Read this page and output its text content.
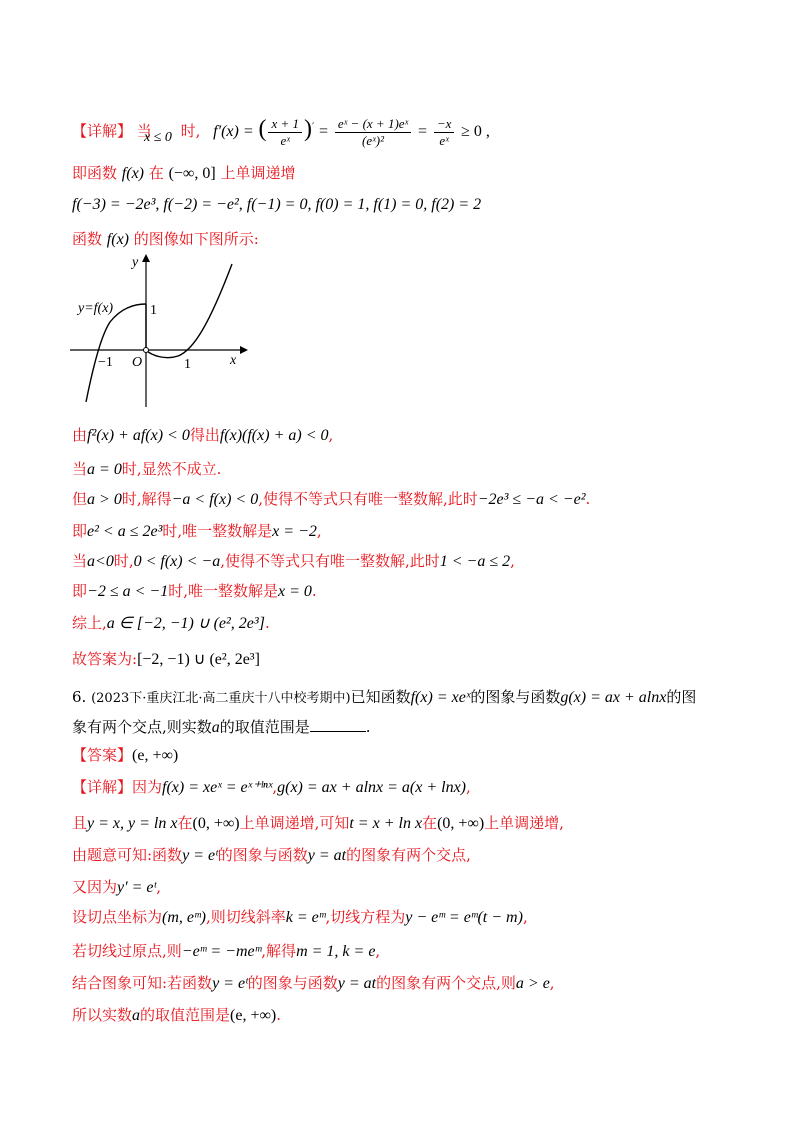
【详解】 当
x ≤ 0 时, f′(x) = ( $\frac{x + 1}{\text{eˣ}} )' = \frac{\text{eˣ − (x + 1)eˣ}}{\text{(eˣ)²}} = \frac{-x}{\text{eˣ}} \ge 0$ ,
即函数 f(x) 在 (−∞, 0] 上单调递增
f(−3) = −2e³, f(−2) = −e², f(−1) = 0, f(0) = 1, f(1) = 0, f(2) = 2
函数 f(x) 的图像如下图所示:
y
x
y=f(x)	1
O
−1	1
由f²(x) + af(x) < 0得出f(x)(f(x) + a) < 0,
当a = 0时,显然不成立.
但a > 0时,解得−a < f(x) < 0,使得不等式只有唯一整数解,此时−2e³ ≤ −a < −e².
即e² < a ≤ 2e³时,唯一整数解是x = −2,
当a<0时,0 < f(x) < −a,使得不等式只有唯一整数解,此时1 < −a ≤ 2,
即−2 ≤ a < −1时,唯一整数解是x = 0.
综上,a ∈ [−2, −1) ∪ (e², 2e³].
故答案为:[−2, −1) ∪ (e², 2e³]
6. (2023下·重庆江北·高二重庆十八中校考期中)已知函数f(x) = xeˣ的图象与函数g(x) = ax + alnx的图
象有两个交点,则实数a的取值范围是	.
【答案】(e, +∞)
【详解】因为f(x) = xeˣ = eˣ⁺ˡⁿˣ,g(x) = ax + alnx = a(x + lnx),
且y = x, y = ln x在(0, +∞)上单调递增,可知t = x + ln x在(0, +∞)上单调递增,
由题意可知:函数y = eᵗ的图象与函数y = at的图象有两个交点,
又因为y′ = eᵗ,
设切点坐标为(m, eᵐ),则切线斜率k = eᵐ,切线方程为y − eᵐ = eᵐ(t − m),
若切线过原点,则−eᵐ = −meᵐ,解得m = 1, k = e,
结合图象可知:若函数y = eᵗ的图象与函数y = at的图象有两个交点,则a > e,
所以实数a的取值范围是(e, +∞).
